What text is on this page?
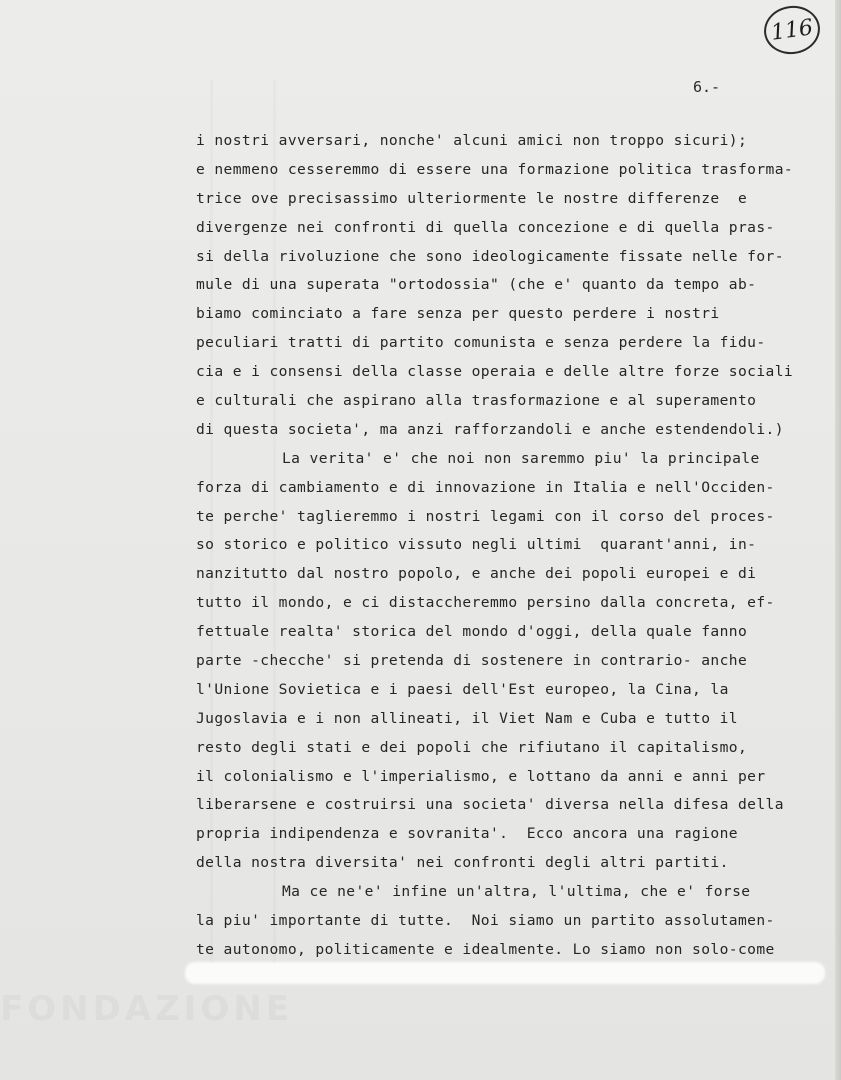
FONDAZIONE
116
6.-
i nostri avversari, nonche' alcuni amici non troppo sicuri);
e nemmeno cesseremmo di essere una formazione politica trasforma-
trice ove precisassimo ulteriormente le nostre differenze  e
divergenze nei confronti di quella concezione e di quella pras-
si della rivoluzione che sono ideologicamente fissate nelle for-
mule di una superata "ortodossia" (che e' quanto da tempo ab-
biamo cominciato a fare senza per questo perdere i nostri
peculiari tratti di partito comunista e senza perdere la fidu-
cia e i consensi della classe operaia e delle altre forze sociali
e culturali che aspirano alla trasformazione e al superamento
di questa societa', ma anzi rafforzandoli e anche estendendoli.)
La verita' e' che noi non saremmo piu' la principale
forza di cambiamento e di innovazione in Italia e nell'Occiden-
te perche' taglieremmo i nostri legami con il corso del proces-
so storico e politico vissuto negli ultimi  quarant'anni, in-
nanzitutto dal nostro popolo, e anche dei popoli europei e di
tutto il mondo, e ci distaccheremmo persino dalla concreta, ef-
fettuale realta' storica del mondo d'oggi, della quale fanno
parte -checche' si pretenda di sostenere in contrario- anche
l'Unione Sovietica e i paesi dell'Est europeo, la Cina, la
Jugoslavia e i non allineati, il Viet Nam e Cuba e tutto il
resto degli stati e dei popoli che rifiutano il capitalismo,
il colonialismo e l'imperialismo, e lottano da anni e anni per
liberarsene e costruirsi una societa' diversa nella difesa della
propria indipendenza e sovranita'.  Ecco ancora una ragione
della nostra diversita' nei confronti degli altri partiti.
Ma ce ne'e' infine un'altra, l'ultima, che e' forse
la piu' importante di tutte.  Noi siamo un partito assolutamen-
te autonomo, politicamente e idealmente. Lo siamo non solo-come
